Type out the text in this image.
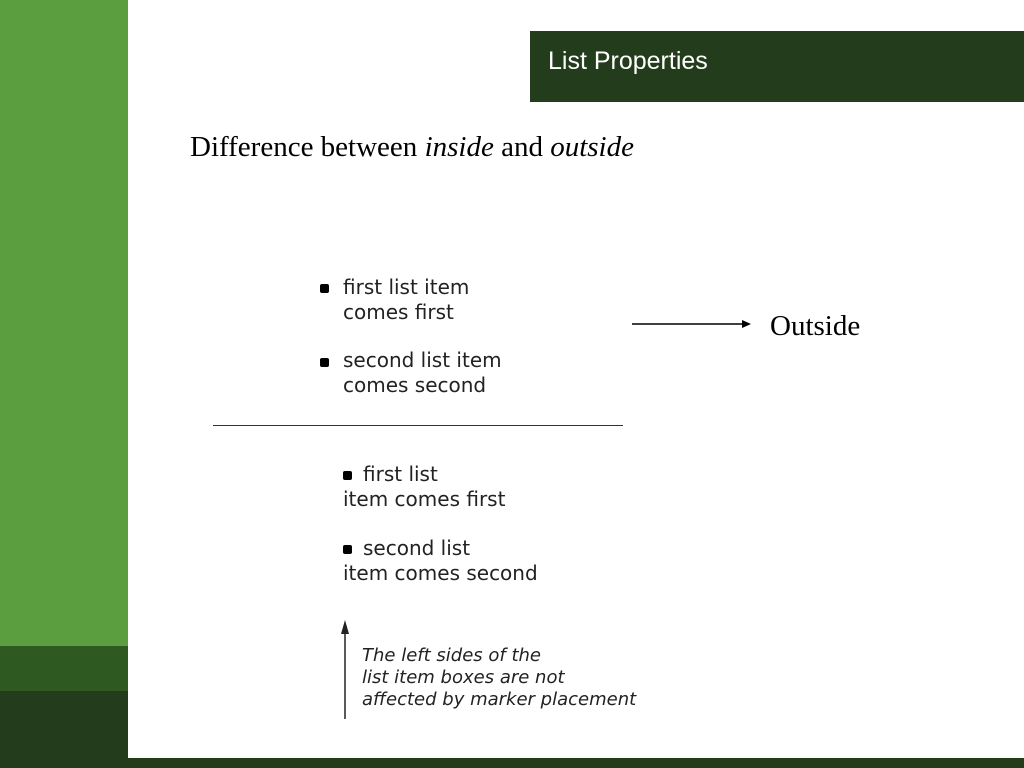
List Properties
Difference between inside and outside
first list item
comes first
second list item
comes second
first list
item comes first
second list
item comes second
Outside
The left sides of the
list item boxes are not
affected by marker placement
